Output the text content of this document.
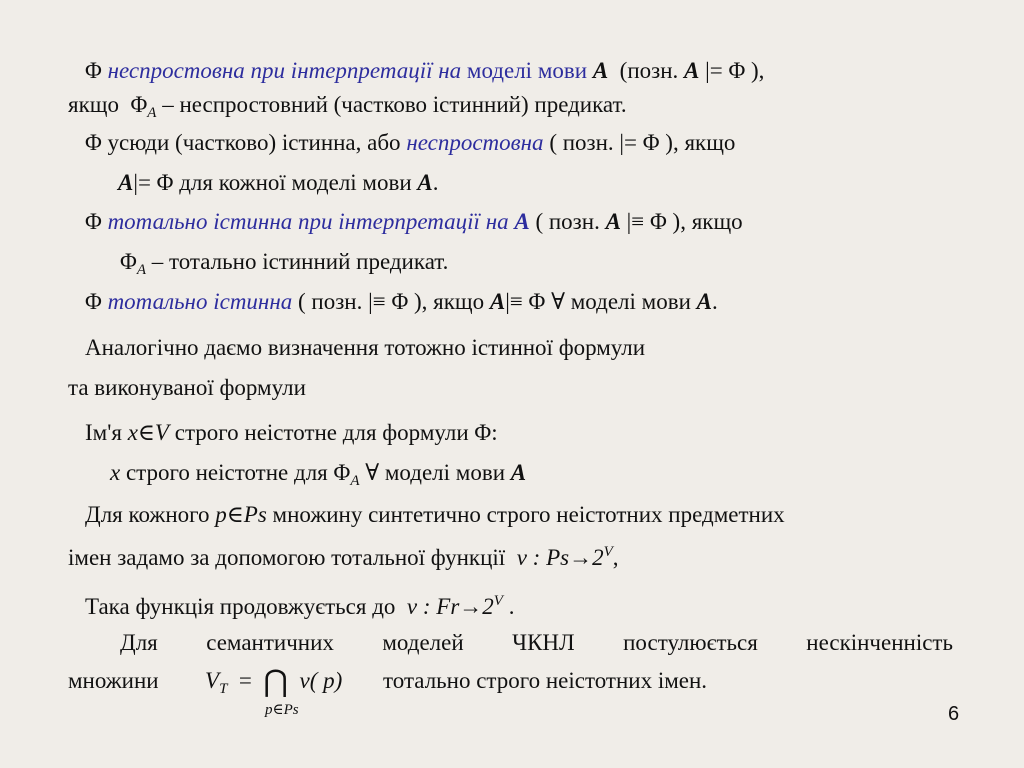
Φ неспростовна при інтерпретації на моделі мови A (позн. A |= Φ ),
якщо $\Phi_A$ – неспростовний (частково істинний) предикат.
Φ усюди (частково) істинна, або неспростовна ( позн. |= Φ ), якщо
A|= Φ для кожної моделі мови A.
Φ тотально істинна при інтерпретації на A ( позн. A |≡ Φ ), якщо
$\Phi_A$ – тотально істинний предикат.
Φ тотально істинна ( позн. |≡ Φ ), якщо A|≡ Φ ∀ моделі мови A.
Аналогічно даємо визначення тотожно істинної формули
та виконуваної формули
Ім'я x∈V строго неістотне для формули Φ:
x строго неістотне для $\Phi_A$ ∀ моделі мови A
Для кожного p∈Ps множину синтетично строго неістотних предметних
імен задамо за допомогою тотальної функції ν : $Ps\to 2^V$,
Така функція продовжується до ν : $Fr\to 2^V$ .
Для семантичних моделей ЧКНЛ постулюється нескінченність
множини $V_T$ = ⋂ ν( p)
p∈Ps
тотально строго неістотних імен.
6
